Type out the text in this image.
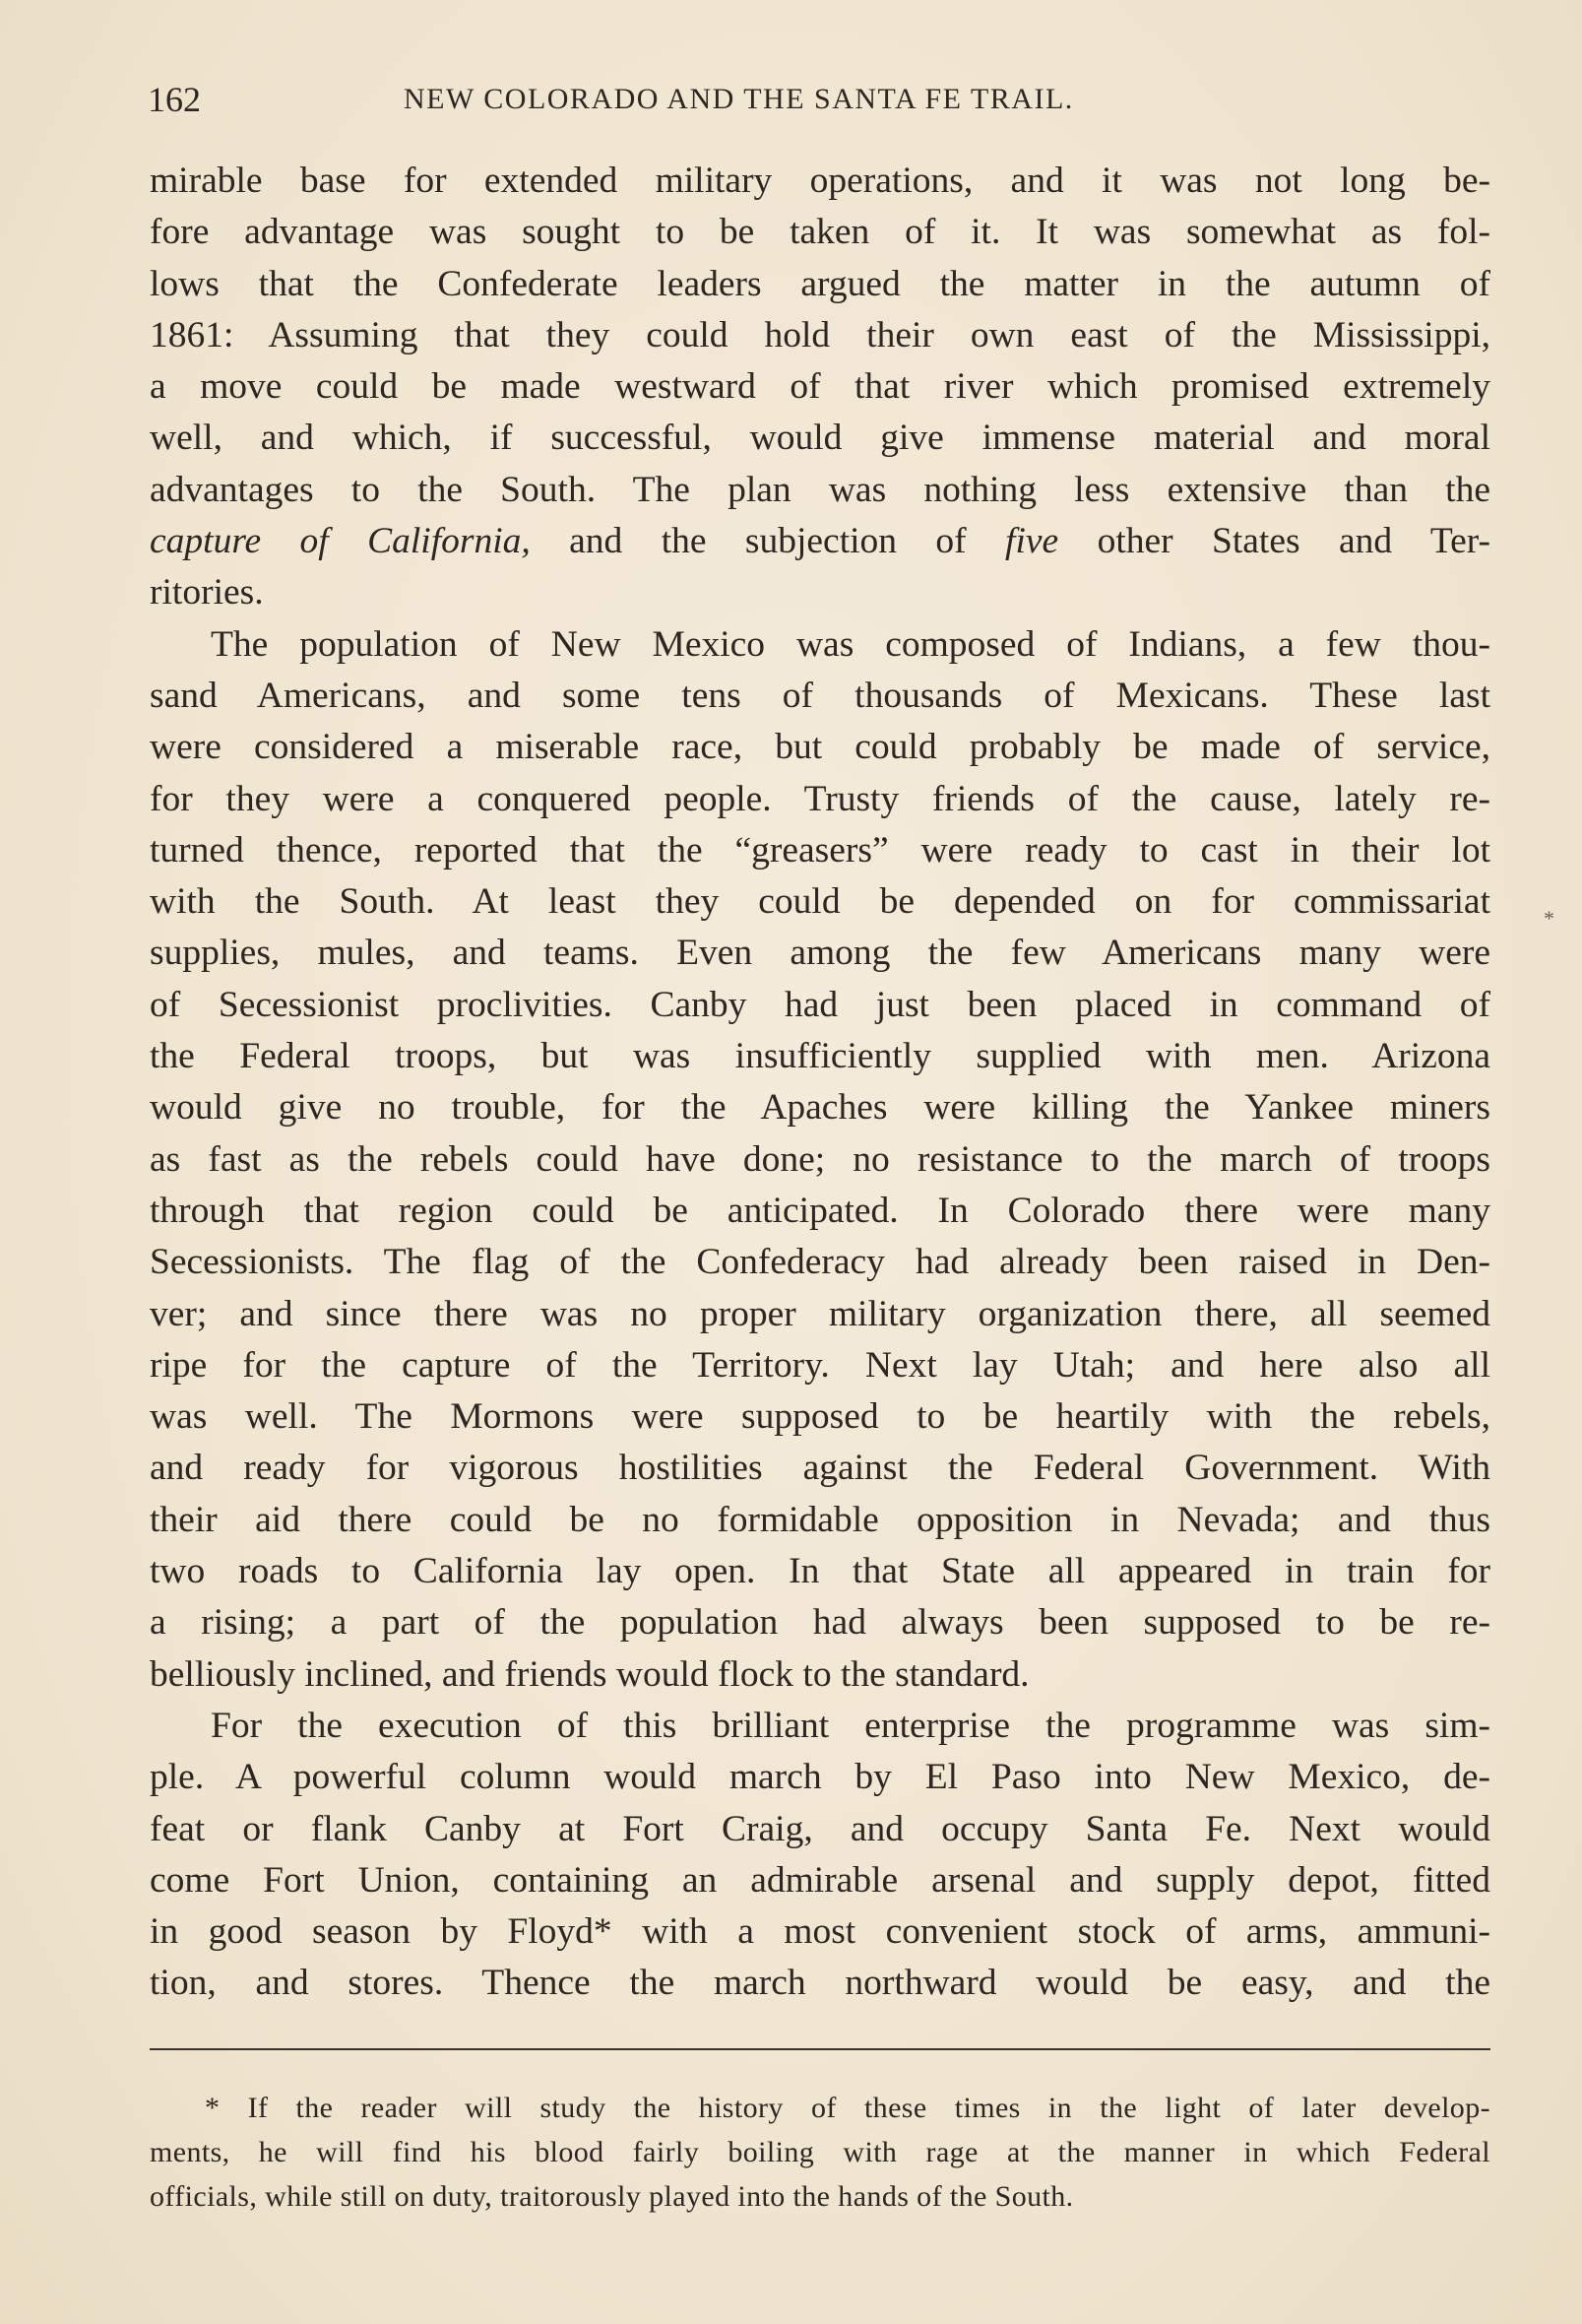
162	NEW COLORADO AND THE SANTA FE TRAIL.
mirable base for extended military operations, and it was not long be-
fore advantage was sought to be taken of it. It was somewhat as fol-
lows that the Confederate leaders argued the matter in the autumn of
1861: Assuming that they could hold their own east of the Mississippi,
a move could be made westward of that river which promised extremely
well, and which, if successful, would give immense material and moral
advantages to the South. The plan was nothing less extensive than the
capture of California, and the subjection of five other States and Ter-
ritories.
The population of New Mexico was composed of Indians, a few thou-
sand Americans, and some tens of thousands of Mexicans. These last
were considered a miserable race, but could probably be made of service,
for they were a conquered people. Trusty friends of the cause, lately re-
turned thence, reported that the “greasers” were ready to cast in their lot
with the South. At least they could be depended on for commissariat
supplies, mules, and teams. Even among the few Americans many were
of Secessionist proclivities. Canby had just been placed in command of
the Federal troops, but was insufficiently supplied with men. Arizona
would give no trouble, for the Apaches were killing the Yankee miners
as fast as the rebels could have done; no resistance to the march of troops
through that region could be anticipated. In Colorado there were many
Secessionists. The flag of the Confederacy had already been raised in Den-
ver; and since there was no proper military organization there, all seemed
ripe for the capture of the Territory. Next lay Utah; and here also all
was well. The Mormons were supposed to be heartily with the rebels,
and ready for vigorous hostilities against the Federal Government. With
their aid there could be no formidable opposition in Nevada; and thus
two roads to California lay open. In that State all appeared in train for
a rising; a part of the population had always been supposed to be re-
belliously inclined, and friends would flock to the standard.
For the execution of this brilliant enterprise the programme was sim-
ple. A powerful column would march by El Paso into New Mexico, de-
feat or flank Canby at Fort Craig, and occupy Santa Fe. Next would
come Fort Union, containing an admirable arsenal and supply depot, fitted
in good season by Floyd* with a most convenient stock of arms, ammuni-
tion, and stores. Thence the march northward would be easy, and the
* If the reader will study the history of these times in the light of later develop-
ments, he will find his blood fairly boiling with rage at the manner in which Federal
officials, while still on duty, traitorously played into the hands of the South.
*
